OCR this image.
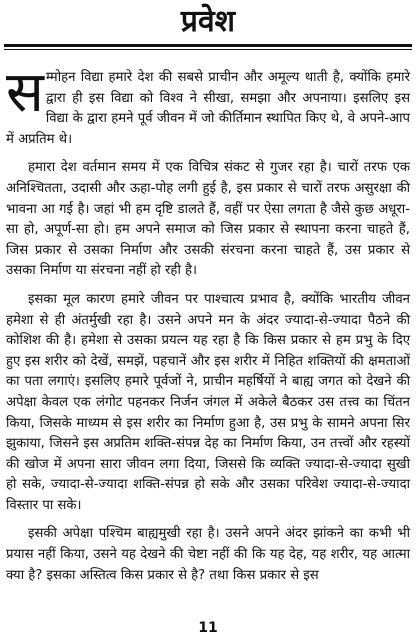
प्रवेश

सम्मोहन विद्या हमारे देश की सबसे प्राचीन और अमूल्य थाती है, क्योंकि हमारे द्वारा ही इस विद्या को विश्व ने सीखा, समझा और अपनाया। इसलिए इस विद्या के द्वारा हमने पूर्व जीवन में जो कीर्तिमान स्थापित किए थे, वे अपने-आप में अप्रतिम थे।

हमारा देश वर्तमान समय में एक विचित्र संकट से गुजर रहा है। चारों तरफ एक अनिश्चितता, उदासी और ऊहा-पोह लगी हुई है, इस प्रकार से चारों तरफ असुरक्षा की भावना आ गई है। जहां भी हम दृष्टि डालते हैं, वहीं पर ऐसा लगता है जैसे कुछ अधूरा-सा हो, अपूर्ण-सा हो। हम अपने समाज को जिस प्रकार से स्थापना करना चाहते हैं, जिस प्रकार से उसका निर्माण और उसकी संरचना करना चाहते हैं, उस प्रकार से उसका निर्माण या संरचना नहीं हो रही है।

इसका मूल कारण हमारे जीवन पर पाश्चात्य प्रभाव है, क्योंकि भारतीय जीवन हमेशा से ही अंतर्मुखी रहा है। उसने अपने मन के अंदर ज्यादा-से-ज्यादा पैठने की कोशिश की है। हमेशा से उसका प्रयत्न यह रहा है कि किस प्रकार से हम प्रभु के दिए हुए इस शरीर को देखें, समझें, पहचानें और इस शरीर में निहित शक्तियों की क्षमताओं का पता लगाएं। इसलिए हमारे पूर्वजों ने, प्राचीन महर्षियों ने बाह्य जगत को देखने की अपेक्षा केवल एक लंगोट पहनकर निर्जन जंगल में अकेले बैठकर उस तत्त्व का चिंतन किया, जिसके माध्यम से इस शरीर का निर्माण हुआ है, उस प्रभु के सामने अपना सिर झुकाया, जिसने इस अप्रतिम शक्ति-संपन्न देह का निर्माण किया, उन तत्त्वों और रहस्यों की खोज में अपना सारा जीवन लगा दिया, जिससे कि व्यक्ति ज्यादा-से-ज्यादा सुखी हो सके, ज्यादा-से-ज्यादा शक्ति-संपन्न हो सके और उसका परिवेश ज्यादा-से-ज्यादा विस्तार पा सके।

इसकी अपेक्षा पश्चिम बाह्यमुखी रहा है। उसने अपने अंदर झांकने का कभी भी प्रयास नहीं किया, उसने यह देखने की चेष्टा नहीं की कि यह देह, यह शरीर, यह आत्मा क्या है? इसका अस्तित्व किस प्रकार से है? तथा किस प्रकार से इस

11
